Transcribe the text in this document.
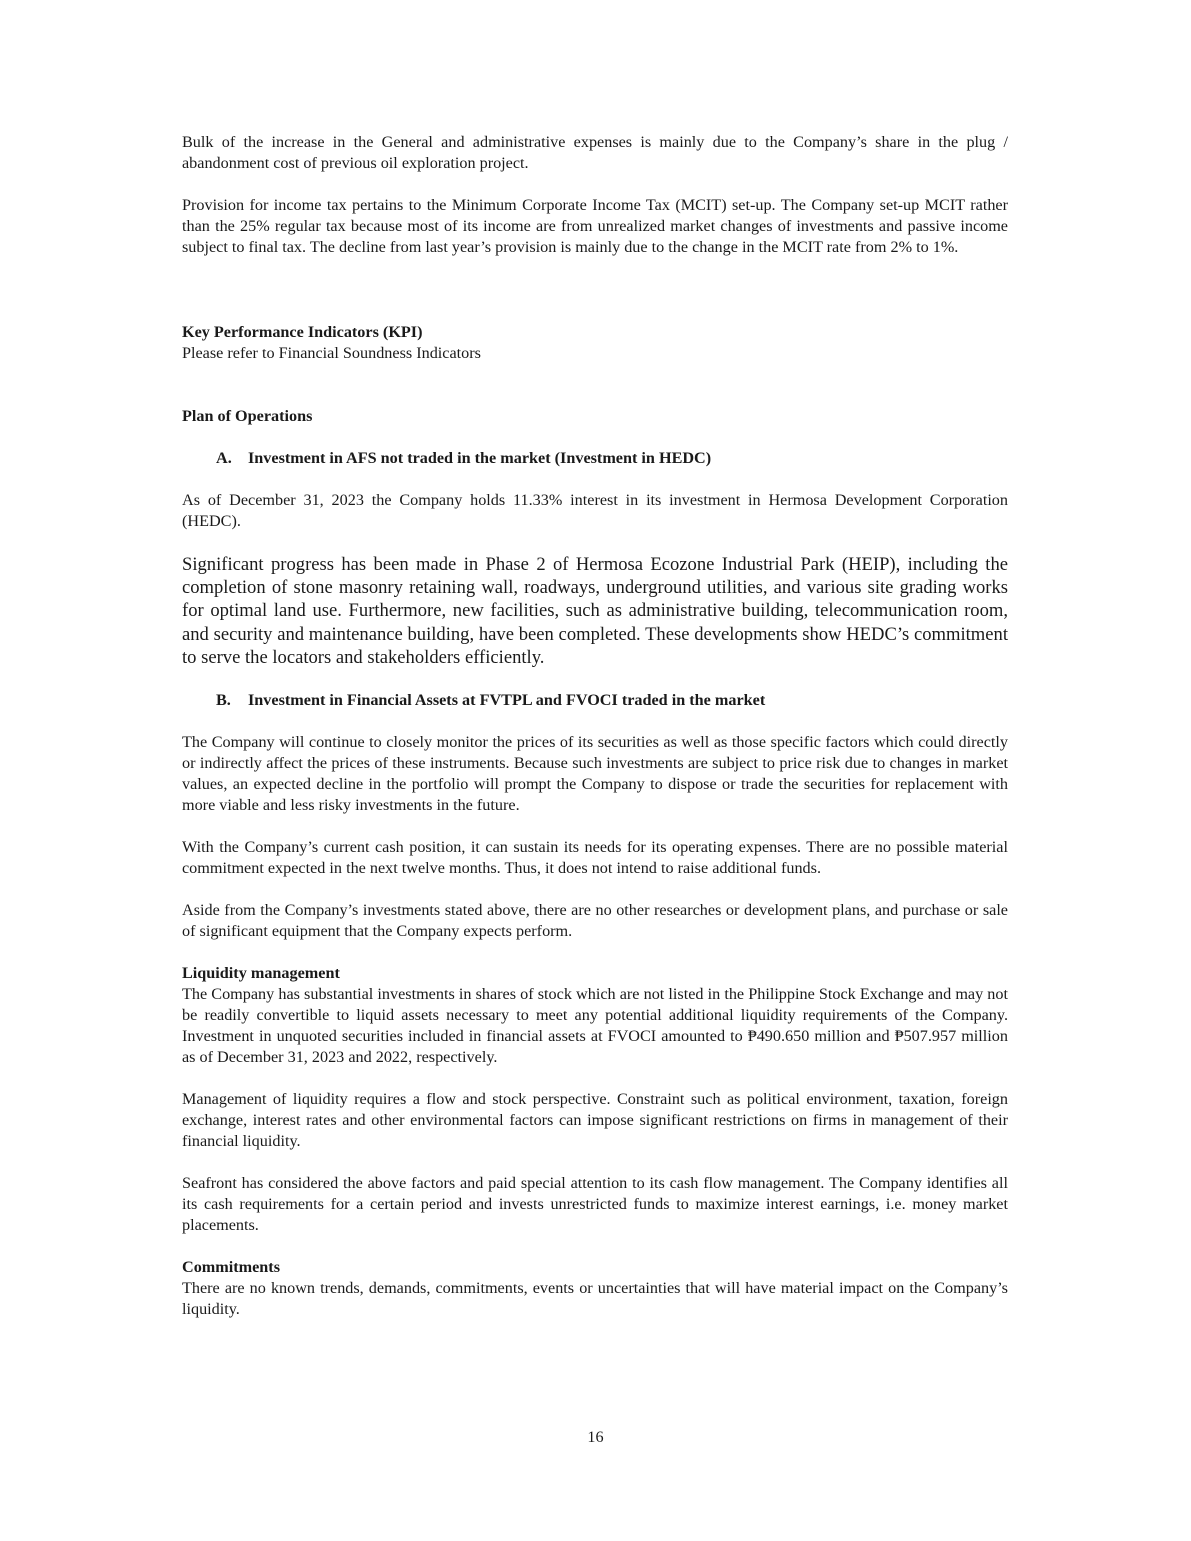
Bulk of the increase in the General and administrative expenses is mainly due to the Company’s share in the plug / abandonment cost of previous oil exploration project.

Provision for income tax pertains to the Minimum Corporate Income Tax (MCIT) set-up. The Company set-up MCIT rather than the 25% regular tax because most of its income are from unrealized market changes of investments and passive income subject to final tax. The decline from last year’s provision is mainly due to the change in the MCIT rate from 2% to 1%.

Key Performance Indicators (KPI)

Please refer to Financial Soundness Indicators

Plan of Operations
A. Investment in AFS not traded in the market (Investment in HEDC)

As of December 31, 2023 the Company holds 11.33% interest in its investment in Hermosa Development Corporation (HEDC).

Significant progress has been made in Phase 2 of Hermosa Ecozone Industrial Park (HEIP), including the completion of stone masonry retaining wall, roadways, underground utilities, and various site grading works for optimal land use. Furthermore, new facilities, such as administrative building, telecommunication room, and security and maintenance building, have been completed. These developments show HEDC’s commitment to serve the locators and stakeholders efficiently.

B. Investment in Financial Assets at FVTPL and FVOCI traded in the market

The Company will continue to closely monitor the prices of its securities as well as those specific factors which could directly or indirectly affect the prices of these instruments. Because such investments are subject to price risk due to changes in market values, an expected decline in the portfolio will prompt the Company to dispose or trade the securities for replacement with more viable and less risky investments in the future.

With the Company’s current cash position, it can sustain its needs for its operating expenses. There are no possible material commitment expected in the next twelve months. Thus, it does not intend to raise additional funds.

Aside from the Company’s investments stated above, there are no other researches or development plans, and purchase or sale of significant equipment that the Company expects perform.

Liquidity management

The Company has substantial investments in shares of stock which are not listed in the Philippine Stock Exchange and may not be readily convertible to liquid assets necessary to meet any potential additional liquidity requirements of the Company. Investment in unquoted securities included in financial assets at FVOCI amounted to ₱490.650 million and ₱507.957 million as of December 31, 2023 and 2022, respectively.

Management of liquidity requires a flow and stock perspective. Constraint such as political environment, taxation, foreign exchange, interest rates and other environmental factors can impose significant restrictions on firms in management of their financial liquidity.

Seafront has considered the above factors and paid special attention to its cash flow management. The Company identifies all its cash requirements for a certain period and invests unrestricted funds to maximize interest earnings, i.e. money market placements.

Commitments

There are no known trends, demands, commitments, events or uncertainties that will have material impact on the Company’s liquidity.

16
